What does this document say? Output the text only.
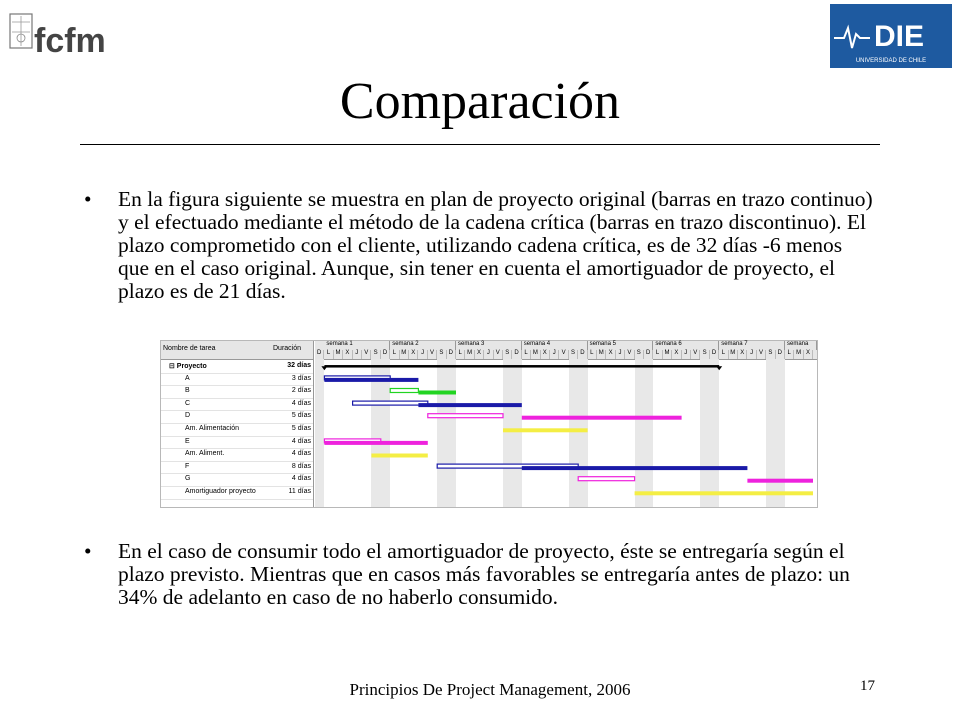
fcfm	DIE
UNIVERSIDAD DE CHILE
Comparación
• En la figura siguiente se muestra en plan de proyecto original (barras en trazo continuo) y el efectuado mediante el método de la cadena crítica (barras en trazo discontinuo). El plazo comprometido con el cliente, utilizando cadena crítica, es de 32 días -6 menos que en el caso original. Aunque, sin tener en cuenta el amortiguador de proyecto, el plazo es de 21 días.
Nombre de tarea	Duración
⊟ Proyecto	32 días
A	3 días
B	2 días
C	4 días
D	5 días
Am. Alimentación	5 días
E	4 días
Am. Aliment.	4 días
F	8 días
G	4 días
Amortiguador proyecto	11 días
D L M X J V S D L M X J V S D L M X J V S D L M X J V S D L M X J V S D L M X J V S D L M X J V S D L M X
semana 1	semana 2	semana 3	semana 4	semana 5	semana 6	semana 7	semana
• En el caso de consumir todo el amortiguador de proyecto, éste se entregaría según el plazo previsto. Mientras que en casos más favorables se entregaría antes de plazo: un 34% de adelanto en caso de no haberlo consumido.
Principios De Project Management, 2006	17
